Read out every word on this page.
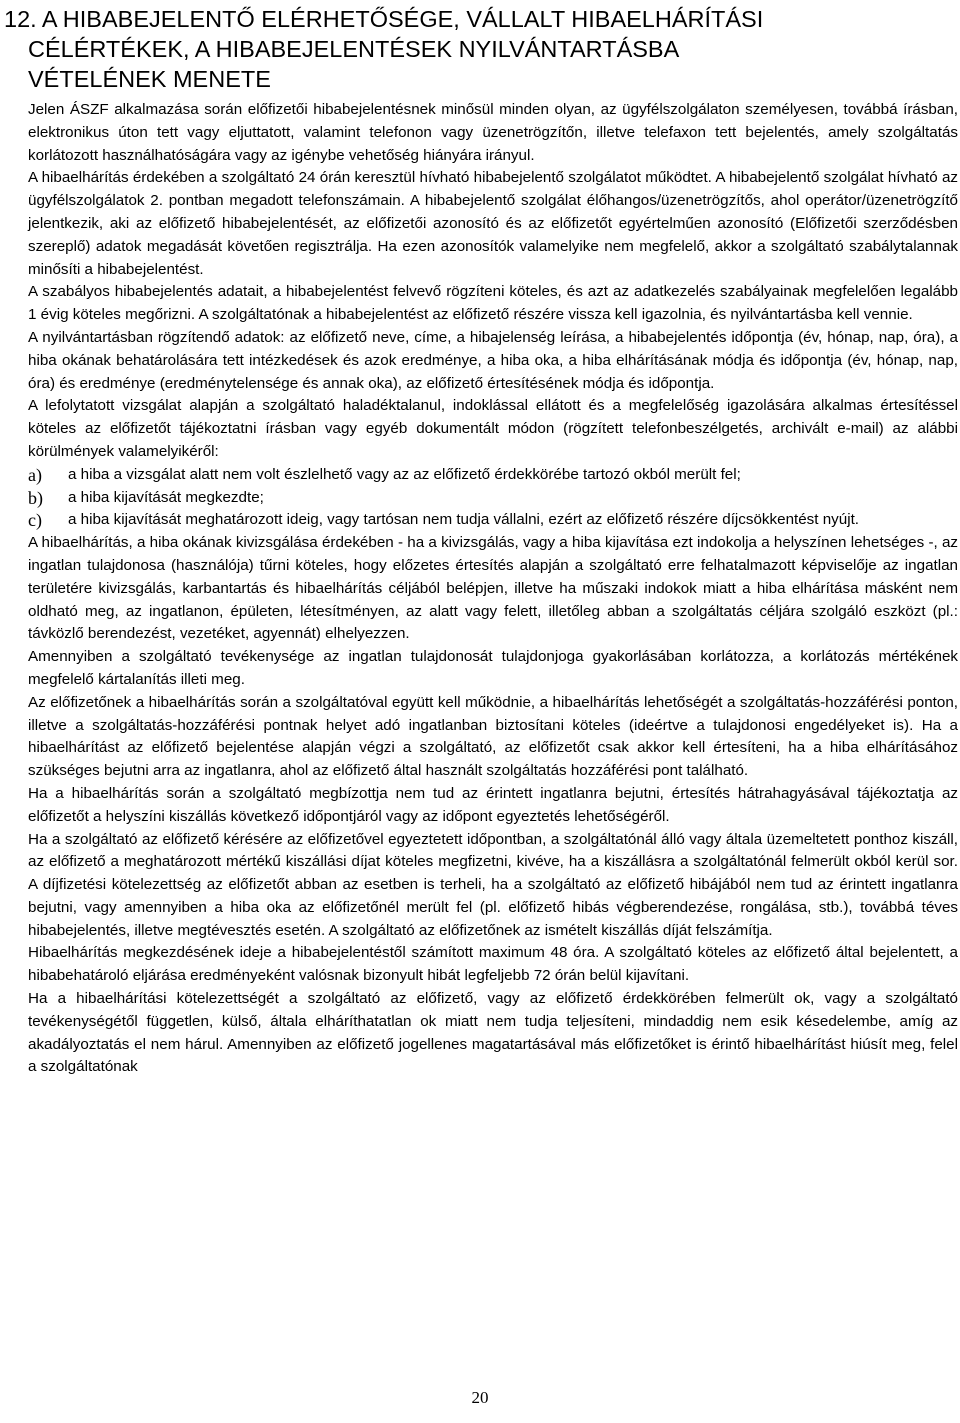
12. A HIBABEJELENTŐ ELÉRHETŐSÉGE, VÁLLALT HIBAELHÁRÍTÁSI
CÉLÉRTÉKEK, A HIBABEJELENTÉSEK NYILVÁNTARTÁSBA
VÉTELÉNEK MENETE

Jelen ÁSZF alkalmazása során előfizetői hibabejelentésnek minősül minden olyan, az ügyfélszolgálaton személyesen, továbbá írásban, elektronikus úton tett vagy eljuttatott, valamint telefonon vagy üzenetrögzítőn, illetve telefaxon tett bejelentés, amely szolgáltatás korlátozott használhatóságára vagy az igénybe vehetőség hiányára irányul.

A hibaelhárítás érdekében a szolgáltató 24 órán keresztül hívható hibabejelentő szolgálatot működtet. A hibabejelentő szolgálat hívható az ügyfélszolgálatok 2. pontban megadott telefonszámain. A hibabejelentő szolgálat élőhangos/üzenetrögzítős, ahol operátor/üzenetrögzítő jelentkezik, aki az előfizető hibabejelentését, az előfizetői azonosító és az előfizetőt egyértelműen azonosító (Előfizetői szerződésben szereplő) adatok megadását követően regisztrálja. Ha ezen azonosítók valamelyike nem megfelelő, akkor a szolgáltató szabálytalannak minősíti a hibabejelentést.

A szabályos hibabejelentés adatait, a hibabejelentést felvevő rögzíteni köteles, és azt az adatkezelés szabályainak megfelelően legalább 1 évig köteles megőrizni. A szolgáltatónak a hibabejelentést az előfizető részére vissza kell igazolnia, és nyilvántartásba kell vennie.

A nyilvántartásban rögzítendő adatok: az előfizető neve, címe, a hibajelenség leírása, a hibabejelentés időpontja (év, hónap, nap, óra), a hiba okának behatárolására tett intézkedések és azok eredménye, a hiba oka, a hiba elhárításának módja és időpontja (év, hónap, nap, óra) és eredménye (eredménytelensége és annak oka), az előfizető értesítésének módja és időpontja.

A lefolytatott vizsgálat alapján a szolgáltató haladéktalanul, indoklással ellátott és a megfelelőség igazolására alkalmas értesítéssel köteles az előfizetőt tájékoztatni írásban vagy egyéb dokumentált módon (rögzített telefonbeszélgetés, archivált e-mail) az alábbi körülmények valamelyikéről:

a)	a hiba a vizsgálat alatt nem volt észlelhető vagy az az előfizető érdekkörébe tartozó okból merült fel;
b)	a hiba kijavítását megkezdte;
c)	a hiba kijavítását meghatározott ideig, vagy tartósan nem tudja vállalni, ezért az előfizető részére díjcsökkentést nyújt.

A hibaelhárítás, a hiba okának kivizsgálása érdekében - ha a kivizsgálás, vagy a hiba kijavítása ezt indokolja a helyszínen lehetséges -, az ingatlan tulajdonosa (használója) tűrni köteles, hogy előzetes értesítés alapján a szolgáltató erre felhatalmazott képviselője az ingatlan területére kivizsgálás, karbantartás és hibaelhárítás céljából belépjen, illetve ha műszaki indokok miatt a hiba elhárítása másként nem oldható meg, az ingatlanon, épületen, létesítményen, az alatt vagy felett, illetőleg abban a szolgáltatás céljára szolgáló eszközt (pl.: távközlő berendezést, vezetéket, agyennát) elhelyezzen.

Amennyiben a szolgáltató tevékenysége az ingatlan tulajdonosát tulajdonjoga gyakorlásában korlátozza, a korlátozás mértékének megfelelő kártalanítás illeti meg.

Az előfizetőnek a hibaelhárítás során a szolgáltatóval együtt kell működnie, a hibaelhárítás lehetőségét a szolgáltatás-hozzáférési ponton, illetve a szolgáltatás-hozzáférési pontnak helyet adó ingatlanban biztosítani köteles (ideértve a tulajdonosi engedélyeket is). Ha a hibaelhárítást az előfizető bejelentése alapján végzi a szolgáltató, az előfizetőt csak akkor kell értesíteni, ha a hiba elhárításához szükséges bejutni arra az ingatlanra, ahol az előfizető által használt szolgáltatás hozzáférési pont található.

Ha a hibaelhárítás során a szolgáltató megbízottja nem tud az érintett ingatlanra bejutni, értesítés hátrahagyásával tájékoztatja az előfizetőt a helyszíni kiszállás következő időpontjáról vagy az időpont egyeztetés lehetőségéről.

Ha a szolgáltató az előfizető kérésére az előfizetővel egyeztetett időpontban, a szolgáltatónál álló vagy általa üzemeltetett ponthoz kiszáll, az előfizető a meghatározott mértékű kiszállási díjat köteles megfizetni, kivéve, ha a kiszállásra a szolgáltatónál felmerült okból kerül sor. A díjfizetési kötelezettség az előfizetőt abban az esetben is terheli, ha a szolgáltató az előfizető hibájából nem tud az érintett ingatlanra bejutni, vagy amennyiben a hiba oka az előfizetőnél merült fel (pl. előfizető hibás végberendezése, rongálása, stb.), továbbá téves hibabejelentés, illetve megtévesztés esetén. A szolgáltató az előfizetőnek az ismételt kiszállás díját felszámítja.

Hibaelhárítás megkezdésének ideje a hibabejelentéstől számított maximum 48 óra. A szolgáltató köteles az előfizető által bejelentett, a hibabehatároló eljárása eredményeként valósnak bizonyult hibát legfeljebb 72 órán belül kijavítani.

Ha a hibaelhárítási kötelezettségét a szolgáltató az előfizető, vagy az előfizető érdekkörében felmerült ok, vagy a szolgáltató tevékenységétől független, külső, általa elháríthatatlan ok miatt nem tudja teljesíteni, mindaddig nem esik késedelembe, amíg az akadályoztatás el nem hárul. Amennyiben az előfizető jogellenes magatartásával más előfizetőket is érintő hibaelhárítást hiúsít meg, felel a szolgáltatónak

20
